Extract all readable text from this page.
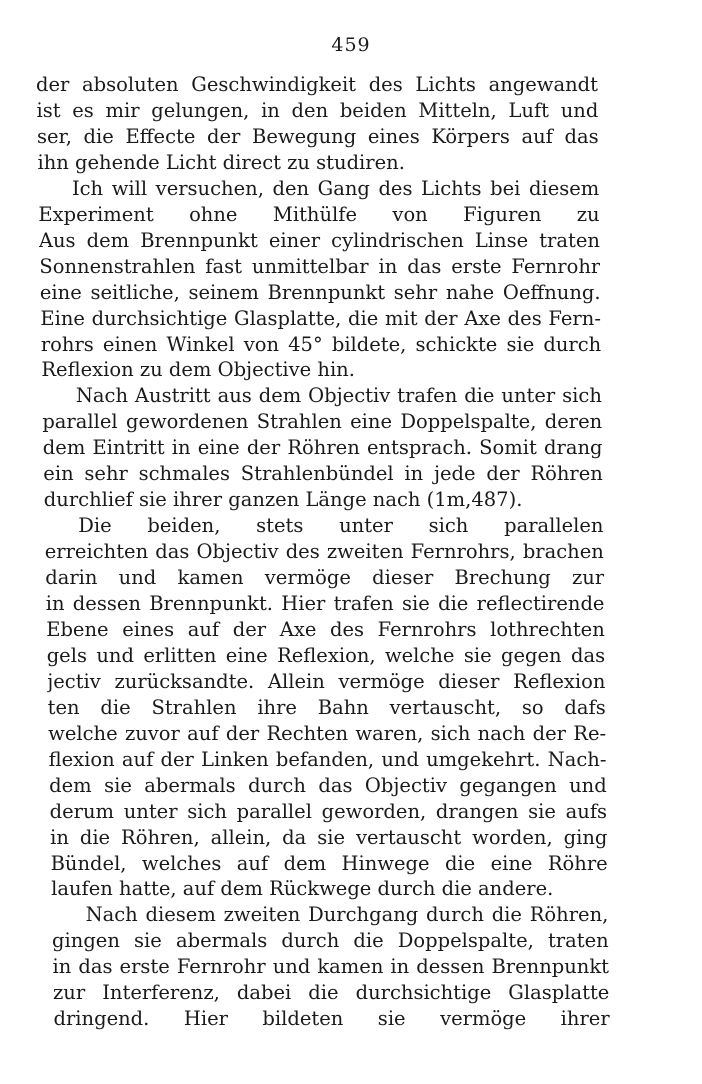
459
der absoluten Geschwindigkeit des Lichts angewandt
ist es mir gelungen, in den beiden Mitteln, Luft und
ser, die Effecte der Bewegung eines Körpers auf das
ihn gehende Licht direct zu studiren.
Ich will versuchen, den Gang des Lichts bei diesem
Experiment ohne Mithülfe von Figuren zu
Aus dem Brennpunkt einer cylindrischen Linse traten
Sonnenstrahlen fast unmittelbar in das erste Fernrohr
eine seitliche, seinem Brennpunkt sehr nahe Oeffnung.
Eine durchsichtige Glasplatte, die mit der Axe des Fern-
rohrs einen Winkel von 45° bildete, schickte sie durch
Reflexion zu dem Objective hin.
Nach Austritt aus dem Objectiv trafen die unter sich
parallel gewordenen Strahlen eine Doppelspalte, deren
dem Eintritt in eine der Röhren entsprach. Somit drang
ein sehr schmales Strahlenbündel in jede der Röhren
durchlief sie ihrer ganzen Länge nach (1m,487).
Die beiden, stets unter sich parallelen
erreichten das Objectiv des zweiten Fernrohrs, brachen
darin und kamen vermöge dieser Brechung zur
in dessen Brennpunkt. Hier trafen sie die reflectirende
Ebene eines auf der Axe des Fernrohrs lothrechten
gels und erlitten eine Reflexion, welche sie gegen das
jectiv zurücksandte. Allein vermöge dieser Reflexion
ten die Strahlen ihre Bahn vertauscht, so dafs
welche zuvor auf der Rechten waren, sich nach der Re-
flexion auf der Linken befanden, und umgekehrt. Nach-
dem sie abermals durch das Objectiv gegangen und
derum unter sich parallel geworden, drangen sie aufs
in die Röhren, allein, da sie vertauscht worden, ging
Bündel, welches auf dem Hinwege die eine Röhre
laufen hatte, auf dem Rückwege durch die andere.
Nach diesem zweiten Durchgang durch die Röhren,
gingen sie abermals durch die Doppelspalte, traten
in das erste Fernrohr und kamen in dessen Brennpunkt
zur Interferenz, dabei die durchsichtige Glasplatte
dringend. Hier bildeten sie vermöge ihrer
